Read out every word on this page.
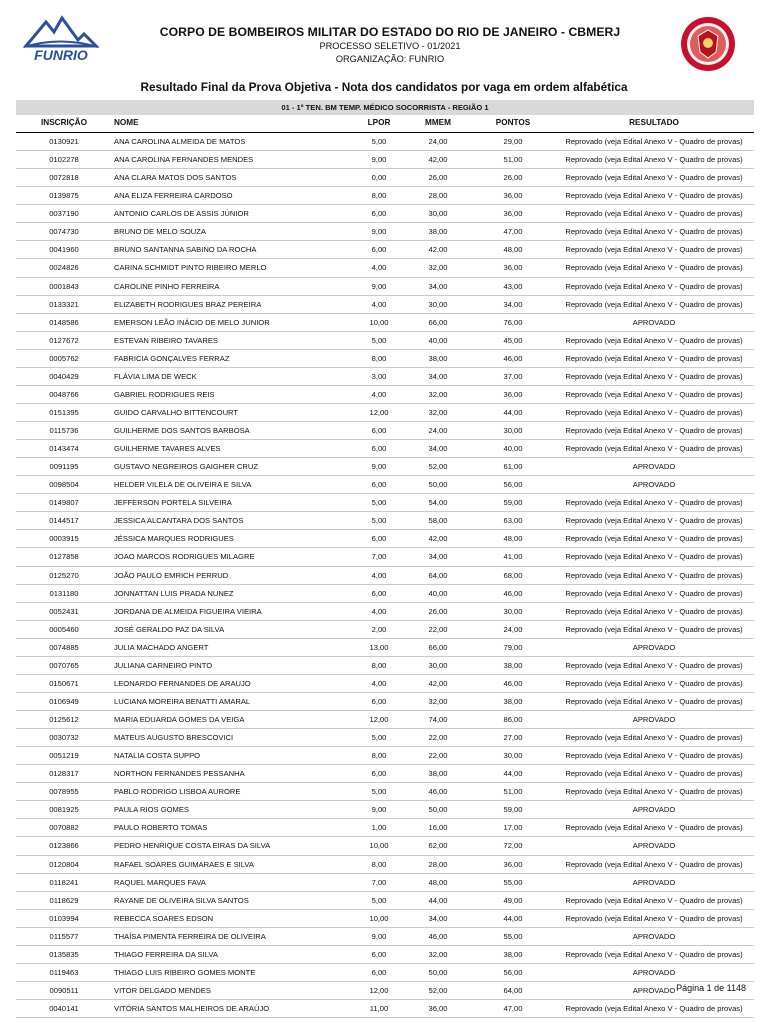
FUNRIO
CORPO DE BOMBEIROS MILITAR DO ESTADO DO RIO DE JANEIRO - CBMERJ
PROCESSO SELETIVO - 01/2021
ORGANIZAÇÃO: FUNRIO
Resultado Final da Prova Objetiva - Nota dos candidatos por vaga em ordem alfabética
01 - 1º TEN. BM TEMP. MÉDICO SOCORRISTA - REGIÃO 1
INSCRIÇÃO	NOME	LPOR	MMEM	PONTOS	RESULTADO
0130921	ANA CAROLINA ALMEIDA DE MATOS	5,00	24,00	29,00	Reprovado (veja Edital Anexo V - Quadro de provas)
0102278	ANA CAROLINA FERNANDES MENDES	9,00	42,00	51,00	Reprovado (veja Edital Anexo V - Quadro de provas)
0072818	ANA CLARA MATOS DOS SANTOS	0,00	26,00	26,00	Reprovado (veja Edital Anexo V - Quadro de provas)
0139875	ANA ELIZA FERREIRA CARDOSO	8,00	28,00	36,00	Reprovado (veja Edital Anexo V - Quadro de provas)
0037190	ANTONIO CARLOS DE ASSIS JÚNIOR	6,00	30,00	36,00	Reprovado (veja Edital Anexo V - Quadro de provas)
0074730	BRUNO DE MELO SOUZA	9,00	38,00	47,00	Reprovado (veja Edital Anexo V - Quadro de provas)
0041960	BRUNO SANTANNA SABINO DA ROCHA	6,00	42,00	48,00	Reprovado (veja Edital Anexo V - Quadro de provas)
0024826	CARINA SCHMIDT PINTO RIBEIRO MERLO	4,00	32,00	36,00	Reprovado (veja Edital Anexo V - Quadro de provas)
0001843	CAROLINE PINHO FERREIRA	9,00	34,00	43,00	Reprovado (veja Edital Anexo V - Quadro de provas)
0133321	ELIZABETH RODRIGUES BRAZ PEREIRA	4,00	30,00	34,00	Reprovado (veja Edital Anexo V - Quadro de provas)
0148586	EMERSON LEÃO INÁCIO DE MELO JUNIOR	10,00	66,00	76,00	APROVADO
0127672	ESTEVAN RIBEIRO TAVARES	5,00	40,00	45,00	Reprovado (veja Edital Anexo V - Quadro de provas)
0005762	FABRICIA GONÇALVES FERRAZ	8,00	38,00	46,00	Reprovado (veja Edital Anexo V - Quadro de provas)
0040429	FLÁVIA LIMA DE WECK	3,00	34,00	37,00	Reprovado (veja Edital Anexo V - Quadro de provas)
0048766	GABRIEL RODRIGUES REIS	4,00	32,00	36,00	Reprovado (veja Edital Anexo V - Quadro de provas)
0151395	GUIDO CARVALHO BITTENCOURT	12,00	32,00	44,00	Reprovado (veja Edital Anexo V - Quadro de provas)
0115736	GUILHERME DOS SANTOS BARBOSA	6,00	24,00	30,00	Reprovado (veja Edital Anexo V - Quadro de provas)
0143474	GUILHERME TAVARES ALVES	6,00	34,00	40,00	Reprovado (veja Edital Anexo V - Quadro de provas)
0091195	GUSTAVO NEGREIROS GAIGHER CRUZ	9,00	52,00	61,00	APROVADO
0098504	HELDER VILELA DE OLIVEIRA E SILVA	6,00	50,00	56,00	APROVADO
0149807	JEFFERSON PORTELA SILVEIRA	5,00	54,00	59,00	Reprovado (veja Edital Anexo V - Quadro de provas)
0144517	JESSICA ALCANTARA DOS SANTOS	5,00	58,00	63,00	Reprovado (veja Edital Anexo V - Quadro de provas)
0003915	JÉSSICA MARQUES RODRIGUES	6,00	42,00	48,00	Reprovado (veja Edital Anexo V - Quadro de provas)
0127858	JOAO MARCOS RODRIGUES MILAGRE	7,00	34,00	41,00	Reprovado (veja Edital Anexo V - Quadro de provas)
0125270	JOÃO PAULO EMRICH PERRUD	4,00	64,00	68,00	Reprovado (veja Edital Anexo V - Quadro de provas)
0131180	JONNATTAN LUIS PRADA NUNEZ	6,00	40,00	46,00	Reprovado (veja Edital Anexo V - Quadro de provas)
0052431	JORDANA DE ALMEIDA FIGUEIRA VIEIRA	4,00	26,00	30,00	Reprovado (veja Edital Anexo V - Quadro de provas)
0005460	JOSÉ GERALDO PAZ DA SILVA	2,00	22,00	24,00	Reprovado (veja Edital Anexo V - Quadro de provas)
0074885	JULIA MACHADO ANGERT	13,00	66,00	79,00	APROVADO
0070765	JULIANA CARNEIRO PINTO	8,00	30,00	38,00	Reprovado (veja Edital Anexo V - Quadro de provas)
0150671	LEONARDO FERNANDES DE ARAUJO	4,00	42,00	46,00	Reprovado (veja Edital Anexo V - Quadro de provas)
0106949	LUCIANA MOREIRA BENATTI AMARAL	6,00	32,00	38,00	Reprovado (veja Edital Anexo V - Quadro de provas)
0125612	MARIA EDUARDA GOMES DA VEIGA	12,00	74,00	86,00	APROVADO
0030732	MATEUS AUGUSTO BRESCOVICI	5,00	22,00	27,00	Reprovado (veja Edital Anexo V - Quadro de provas)
0051219	NATALIA COSTA SUPPO	8,00	22,00	30,00	Reprovado (veja Edital Anexo V - Quadro de provas)
0128317	NORTHON FERNANDES PESSANHA	6,00	38,00	44,00	Reprovado (veja Edital Anexo V - Quadro de provas)
0078955	PABLO RODRIGO LISBOA AURORE	5,00	46,00	51,00	Reprovado (veja Edital Anexo V - Quadro de provas)
0081925	PAULA RIOS GOMES	9,00	50,00	59,00	APROVADO
0070882	PAULO ROBERTO TOMAS	1,00	16,00	17,00	Reprovado (veja Edital Anexo V - Quadro de provas)
0123866	PEDRO HENRIQUE COSTA EIRAS DA SILVA	10,00	62,00	72,00	APROVADO
0120804	RAFAEL SOARES GUIMARAES E SILVA	8,00	28,00	36,00	Reprovado (veja Edital Anexo V - Quadro de provas)
0118241	RAQUEL MARQUES FAVA	7,00	48,00	55,00	APROVADO
0118629	RAYANE DE OLIVEIRA SILVA SANTOS	5,00	44,00	49,00	Reprovado (veja Edital Anexo V - Quadro de provas)
0103994	REBECCA SOARES EDSON	10,00	34,00	44,00	Reprovado (veja Edital Anexo V - Quadro de provas)
0115577	THAÍSA PIMENTA FERREIRA DE OLIVEIRA	9,00	46,00	55,00	APROVADO
0135835	THIAGO FERREIRA DA SILVA	6,00	32,00	38,00	Reprovado (veja Edital Anexo V - Quadro de provas)
0119463	THIAGO LUIS RIBEIRO GOMES MONTE	6,00	50,00	56,00	APROVADO
0090511	VITOR DELGADO MENDES	12,00	52,00	64,00	APROVADO
0040141	VITÓRIA SANTOS MALHEIROS DE ARAÚJO	11,00	36,00	47,00	Reprovado (veja Edital Anexo V - Quadro de provas)
Página 1 de 1148
